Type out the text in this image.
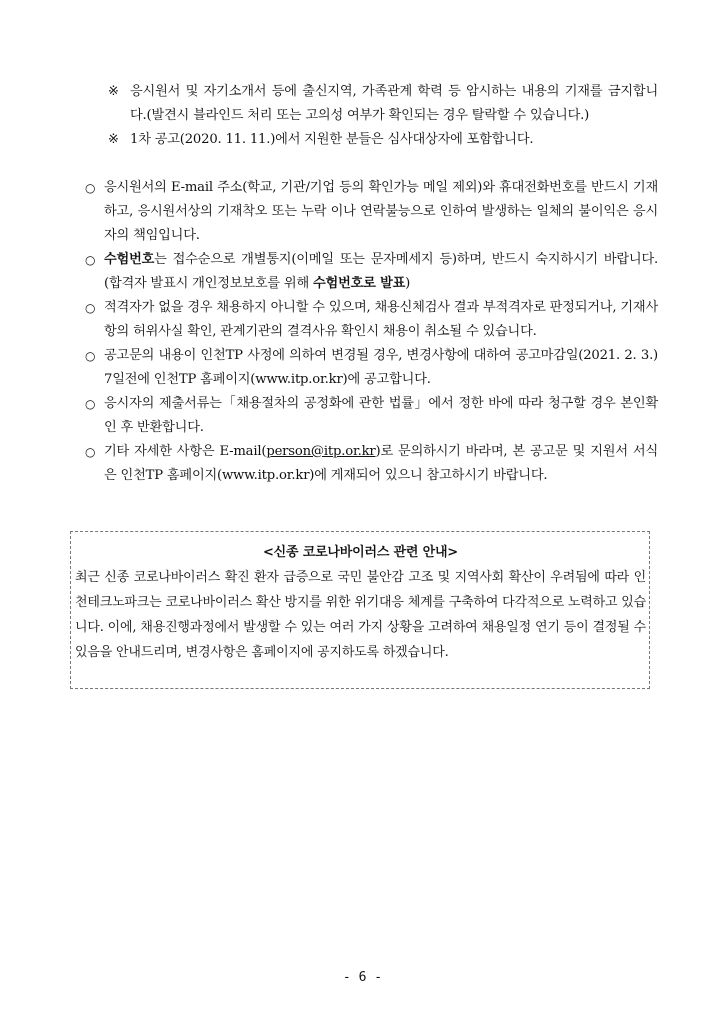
※ 응시원서 및 자기소개서 등에 출신지역, 가족관계 학력 등 암시하는 내용의 기재를 금지합니다.(발견시 블라인드 처리 또는 고의성 여부가 확인되는 경우 탈락할 수 있습니다.)

※ 1차 공고(2020. 11. 11.)에서 지원한 분들은 심사대상자에 포함합니다.

○ 응시원서의 E-mail 주소(학교, 기관/기업 등의 확인가능 메일 제외)와 휴대전화번호를 반드시 기재하고, 응시원서상의 기재착오 또는 누락 이나 연락불능으로 인하여 발생하는 일체의 불이익은 응시자의 책임입니다.

○ 수험번호는 접수순으로 개별통지(이메일 또는 문자메세지 등)하며, 반드시 숙지하시기 바랍니다.(합격자 발표시 개인정보보호를 위해 수험번호로 발표)

○ 적격자가 없을 경우 채용하지 아니할 수 있으며, 채용신체검사 결과 부적격자로 판정되거나, 기재사항의 허위사실 확인, 관계기관의 결격사유 확인시 채용이 취소될 수 있습니다.

○ 공고문의 내용이 인천TP 사정에 의하여 변경될 경우, 변경사항에 대하여 공고마감일(2021. 2. 3.) 7일전에 인천TP 홈페이지(www.itp.or.kr)에 공고합니다.

○ 응시자의 제출서류는「채용절차의 공정화에 관한 법률」에서 정한 바에 따라 청구할 경우 본인확인 후 반환합니다.

○ 기타 자세한 사항은 E-mail(person@itp.or.kr)로 문의하시기 바라며, 본 공고문 및 지원서 서식은 인천TP 홈페이지(www.itp.or.kr)에 게재되어 있으니 참고하시기 바랍니다.

<신종 코로나바이러스 관련 안내>

최근 신종 코로나바이러스 확진 환자 급증으로 국민 불안감 고조 및 지역사회 확산이 우려됨에 따라 인천테크노파크는 코로나바이러스 확산 방지를 위한 위기대응 체계를 구축하여 다각적으로 노력하고 있습니다. 이에, 채용진행과정에서 발생할 수 있는 여러 가지 상황을 고려하여 채용일정 연기 등이 결정될 수 있음을 안내드리며, 변경사항은 홈페이지에 공지하도록 하겠습니다.

- 6 -
